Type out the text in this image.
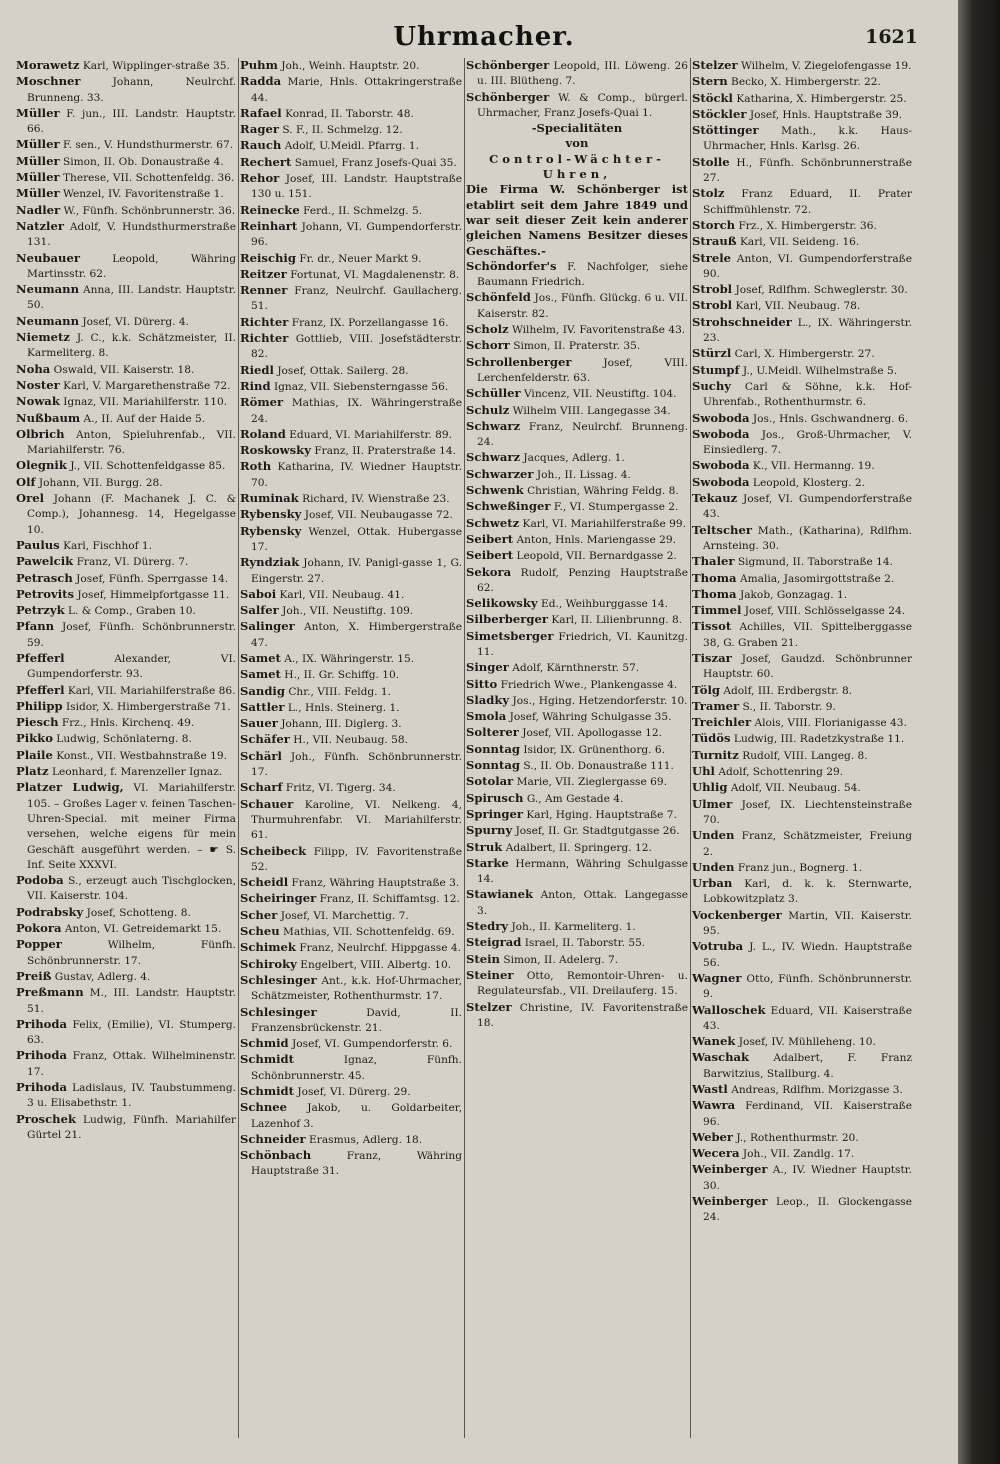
Uhrmacher.	1621
Morawetz Karl, Wipplinger-straße 35.
Moschner	Johann, Neulrchf. Brunneng. 33.
Müller F. jun., III. Landstr. Hauptstr. 66.
Müller F. sen., V. Hundsthurmerstr. 67.
Müller Simon, II. Ob. Donaustraße 4.
Müller Therese, VII. Schottenfeldg. 36.
Müller Wenzel, IV. Favoritenstraße 1.
Nadler W., Fünfh. Schönbrunnerstr. 36.
Natzler Adolf, V. Hundsthurmerstraße 131.
Neubauer	Leopold, Währing Martinsstr. 62.
Neumann Anna, III. Landstr. Hauptstr. 50.
Neumann Josef, VI. Dürerg. 4.
Niemetz J. C., k.k. Schätzmeister, II. Karmeliterg. 8.
Noha Oswald, VII. Kaiserstr. 18.
Noster Karl, V. Margarethenstraße 72.
Nowak Ignaz, VII. Mariahilferstr. 110.
Nußbaum A., II. Auf der Haide 5.
Olbrich Anton, Spieluhrenfab., VII. Mariahilferstr. 76.
Olegnik J., VII. Schottenfeldgasse 85.
Olf Johann, VII. Burgg. 28.
Orel Johann (F. Machanek J. C. & Comp.), Johannesg. 14, Hegelgasse 10.
Paulus Karl, Fischhof 1.
Pawelcik Franz, VI. Dürerg. 7.
Petrasch Josef, Fünfh. Sperrgasse 14.
Petrovits Josef, Himmelpfortgasse 11.
Petrzyk L. & Comp., Graben 10.
Pfann Josef, Fünfh. Schönbrunnerstr. 59.
Pfefferl	Alexander, VI. Gumpendorferstr. 93.
Pfefferl Karl, VII. Mariahilferstraße 86.
Philipp Isidor, X. Himbergerstraße 71.
Piesch Frz., Hnls. Kirchenq. 49.
Pikko Ludwig, Schönlaterng. 8.
Plaile Konst., VII. Westbahnstraße 19.
Platz Leonhard, f. Marenzeller Ignaz.
Platzer Ludwig, VI. Mariahilferstr. 105. – Großes Lager v. feinen Taschen-Uhren-Special. mit meiner Firma versehen, welche eigens für mein Geschäft ausgeführt werden. – ☛ S. Inf. Seite XXXVI.
Podoba S., erzeugt auch Tischglocken, VII. Kaiserstr. 104.
Podrabsky Josef, Schotteng. 8.
Pokora Anton, VI. Getreidemarkt 15.
Popper	Wilhelm, Fünfh. Schönbrunnerstr. 17.
Preiß Gustav, Adlerg. 4.
Preßmann M., III. Landstr. Hauptstr. 51.
Prihoda Felix, (Emilie), VI. Stumperg. 63.
Prihoda Franz, Ottak. Wilhelminenstr. 17.
Prihoda Ladislaus, IV. Taubstummeng. 3 u. Elisabethstr. 1.
Proschek Ludwig, Fünfh. Mariahilfer Gürtel 21.
Puhm Joh., Weinh. Hauptstr. 20.
Radda Marie, Hnls. Ottakringerstraße 44.
Rafael Konrad, II. Taborstr. 48.
Rager S. F., II. Schmelzg. 12.
Rauch Adolf, U.Meidl. Pfarrg. 1.
Rechert Samuel, Franz Josefs-Quai 35.
Rehor Josef, III. Landstr. Hauptstraße 130 u. 151.
Reinecke Ferd., II. Schmelzg. 5.
Reinhart Johann, VI. Gumpendorferstr. 96.
Reischig Fr. dr., Neuer Markt 9.
Reitzer Fortunat, VI. Magdalenenstr. 8.
Renner Franz, Neulrchf. Gaullacherg. 51.
Richter Franz, IX. Porzellangasse 16.
Richter Gottlieb, VIII. Josefstädterstr. 82.
Riedl Josef, Ottak. Sailerg. 28.
Rind Ignaz, VII. Siebensterngasse 56.
Römer Mathias, IX. Währingerstraße 24.
Roland Eduard, VI. Mariahilferstr. 89.
Roskowsky Franz, II. Praterstraße 14.
Roth Katharina, IV. Wiedner Hauptstr. 70.
Ruminak Richard, IV. Wienstraße 23.
Rybensky Josef, VII. Neubaugasse 72.
Rybensky Wenzel, Ottak. Hubergasse 17.
Ryndziak Johann, IV. Panigl-gasse 1, G. Eingerstr. 27.
Saboi Karl, VII. Neubaug. 41.
Salfer Joh., VII. Neustiftg. 109.
Salinger Anton, X. Himbergerstraße 47.
Samet A., IX. Währingerstr. 15.
Samet H., II. Gr. Schiffg. 10.
Sandig Chr., VIII. Feldg. 1.
Sattler L., Hnls. Steinerg. 1.
Sauer Johann, III. Diglerg. 3.
Schäfer H., VII. Neubaug. 58.
Schärl Joh., Fünfh. Schönbrunnerstr. 17.
Scharf Fritz, VI. Tigerg. 34.
Schauer Karoline, VI. Nelkeng. 4, Thurmuhrenfabr. VI. Mariahilferstr. 61.
Scheibeck Filipp, IV. Favoritenstraße 52.
Scheidl Franz, Währing Hauptstraße 3.
Scheiringer Franz, II. Schiffamtsg. 12.
Scher Josef, VI. Marchettig. 7.
Scheu Mathias, VII. Schottenfeldg. 69.
Schimek Franz, Neulrchf. Hippgasse 4.
Schiroky Engelbert, VIII. Albertg. 10.
Schlesinger Ant., k.k. Hof-Uhrmacher, Schätzmeister, Rothenthurmstr. 17.
Schlesinger	David, II. Franzensbrückenstr. 21.
Schmid Josef, VI. Gumpendorferstr. 6.
Schmidt	Ignaz, Fünfh. Schönbrunnerstr. 45.
Schmidt Josef, VI. Dürerg. 29.
Schnee Jakob, u. Goldarbeiter, Lazenhof 3.
Schneider Erasmus, Adlerg. 18.
Schönbach	Franz, Währing Hauptstraße 31.
Schönberger Leopold, III. Löweng. 26 u. III. Blütheng. 7.
Schönberger W. & Comp., bürgerl. Uhrmacher, Franz Josefs-Quai 1.
-Specialitäten
von
Control-Wächter-
Uhren,
Die Firma W. Schönberger ist etablirt seit dem Jahre 1849 und war seit dieser Zeit kein anderer gleichen Namens Besitzer dieses Geschäftes.-
Schöndorfer's F. Nachfolger, siehe Baumann Friedrich.
Schönfeld Jos., Fünfh. Glückg. 6 u. VII. Kaiserstr. 82.
Scholz Wilhelm, IV. Favoritenstraße 43.
Schorr Simon, II. Praterstr. 35.
Schrollenberger	Josef, VIII. Lerchenfelderstr. 63.
Schüller Vincenz, VII. Neustiftg. 104.
Schulz Wilhelm VIII. Langegasse 34.
Schwarz Franz, Neulrchf. Brunneng. 24.
Schwarz Jacques, Adlerg. 1.
Schwarzer Joh., II. Lissag. 4.
Schwenk Christian, Währing Feldg. 8.
Schweßinger F., VI. Stumpergasse 2.
Schwetz Karl, VI. Mariahilferstraße 99.
Seibert Anton, Hnls. Mariengasse 29.
Seibert Leopold, VII. Bernardgasse 2.
Sekora Rudolf, Penzing Hauptstraße 62.
Selikowsky Ed., Weihburggasse 14.
Silberberger Karl, II. Lilienbrunng. 8.
Simetsberger Friedrich, VI. Kaunitzg. 11.
Singer Adolf, Kärnthnerstr. 57.
Sitto Friedrich Wwe., Plankengasse 4.
Sladky Jos., Hging. Hetzendorferstr. 10.
Smola Josef, Währing Schulgasse 35.
Solterer Josef, VII. Apollogasse 12.
Sonntag Isidor, IX. Grünenthorg. 6.
Sonntag S., II. Ob. Donaustraße 111.
Sotolar Marie, VII. Zieglergasse 69.
Spirusch G., Am Gestade 4.
Springer Karl, Hging. Hauptstraße 7.
Spurny Josef, II. Gr. Stadtgutgasse 26.
Struk Adalbert, II. Springerg. 12.
Starke Hermann, Währing Schulgasse 14.
Stawianek Anton, Ottak. Langegasse 3.
Stedry Joh., II. Karmeliterg. 1.
Steigrad Israel, II. Taborstr. 55.
Stein Simon, II. Adelerg. 7.
Steiner Otto, Remontoir-Uhren- u. Regulateursfab., VII. Dreilauferg. 15.
Stelzer Christine, IV. Favoritenstraße 18.
Stelzer Wilhelm, V. Ziegelofengasse 19.
Stern Becko, X. Himbergerstr. 22.
Stöckl Katharina, X. Himbergerstr. 25.
Stöckler Josef, Hnls. Hauptstraße 39.
Stöttinger Math., k.k. Haus-Uhrmacher, Hnls. Karlsg. 26.
Stolle H., Fünfh. Schönbrunnerstraße 27.
Stolz Franz Eduard, II. Prater Schiffmühlenstr. 72.
Storch Frz., X. Himbergerstr. 36.
Strauß Karl, VII. Seideng. 16.
Strele Anton, VI. Gumpendorferstraße 90.
Strobl Josef, Rdlfhm. Schweglerstr. 30.
Strobl Karl, VII. Neubaug. 78.
Strohschneider L., IX. Währingerstr. 23.
Stürzl Carl, X. Himbergerstr. 27.
Stumpf J., U.Meidl. Wilhelmstraße 5.
Suchy Carl & Söhne, k.k. Hof-Uhrenfab., Rothenthurmstr. 6.
Swoboda Jos., Hnls. Gschwandnerg. 6.
Swoboda Jos., Groß-Uhrmacher, V. Einsiedlerg. 7.
Swoboda K., VII. Hermanng. 19.
Swoboda Leopold, Klosterg. 2.
Tekauz Josef, VI. Gumpendorferstraße 43.
Teltscher Math., (Katharina), Rdlfhm. Arnsteing. 30.
Thaler Sigmund, II. Taborstraße 14.
Thoma Amalia, Jasomirgottstraße 2.
Thoma Jakob, Gonzagag. 1.
Timmel Josef, VIII. Schlösselgasse 24.
Tissot Achilles, VII. Spittelberggasse 38, G. Graben 21.
Tiszar Josef, Gaudzd. Schönbrunner Hauptstr. 60.
Tölg Adolf, III. Erdbergstr. 8.
Tramer S., II. Taborstr. 9.
Treichler Alois, VIII. Florianigasse 43.
Tüdös Ludwig, III. Radetzkystraße 11.
Turnitz Rudolf, VIII. Langeg. 8.
Uhl Adolf, Schottenring 29.
Uhlig Adolf, VII. Neubaug. 54.
Ulmer Josef, IX. Liechtensteinstraße 70.
Unden Franz, Schätzmeister, Freiung 2.
Unden Franz jun., Bognerg. 1.
Urban Karl, d. k. k. Sternwarte, Lobkowitzplatz 3.
Vockenberger Martin, VII. Kaiserstr. 95.
Votruba J. L., IV. Wiedn. Hauptstraße 56.
Wagner Otto, Fünfh. Schönbrunnerstr. 9.
Walloschek Eduard, VII. Kaiserstraße 43.
Wanek Josef, IV. Mühlleheng. 10.
Waschak Adalbert, F. Franz Barwitzius, Stallburg. 4.
Wastl Andreas, Rdlfhm. Morizgasse 3.
Wawra Ferdinand, VII. Kaiserstraße 96.
Weber J., Rothenthurmstr. 20.
Wecera Joh., VII. Zandlg. 17.
Weinberger A., IV. Wiedner Hauptstr. 30.
Weinberger Leop., II. Glockengasse 24.
